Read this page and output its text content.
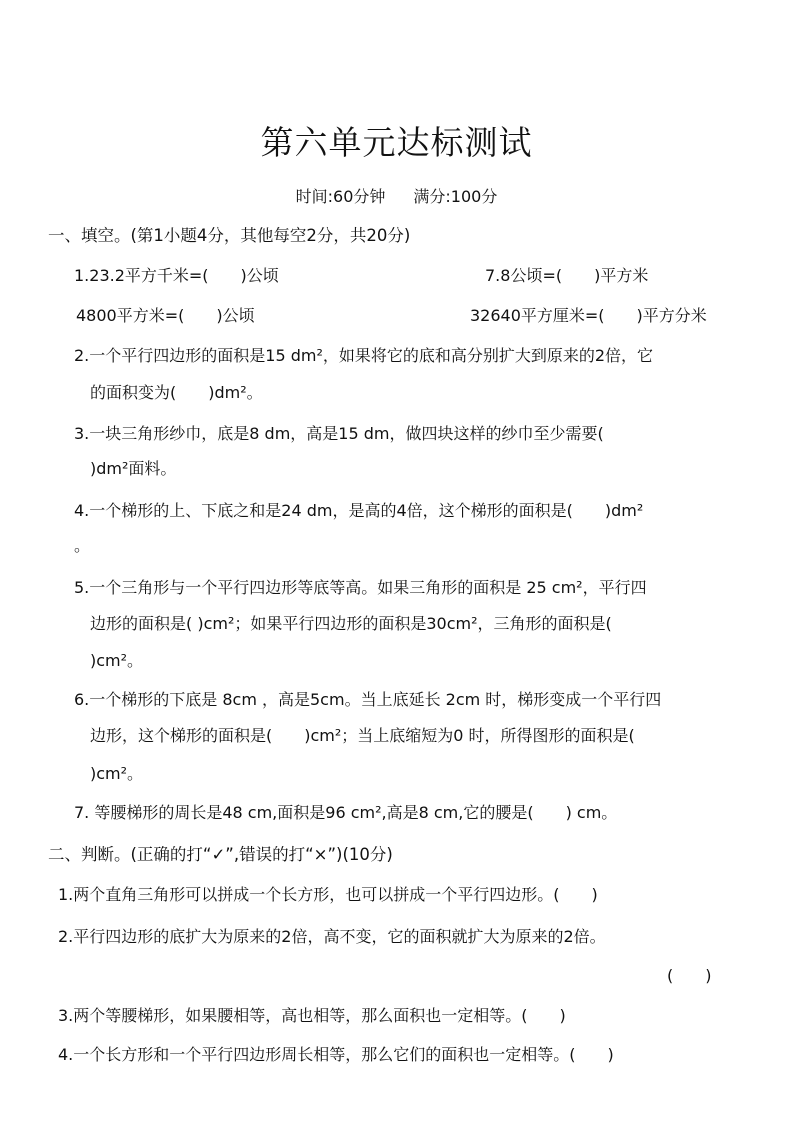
第六单元达标测试
时间:60分钟 满分:100分
一、填空。(第1小题4分，其他每空2分，共20分)
1.23.2平方千米=(　　)公顷	7.8公顷=(　　)平方米
4800平方米=(　　)公顷	32640平方厘米=(　　)平方分米
2.一个平行四边形的面积是15 dm²，如果将它的底和高分别扩大到原来的2倍，它
的面积变为(　　)dm²。
3.一块三角形纱巾，底是8 dm，高是15 dm，做四块这样的纱巾至少需要(
)dm²面料。
4.一个梯形的上、下底之和是24 dm，是高的4倍，这个梯形的面积是(　　)dm²
。
5.一个三角形与一个平行四边形等底等高。如果三角形的面积是 25 cm²，平行四
边形的面积是( )cm²；如果平行四边形的面积是30cm²，三角形的面积是(
)cm²。
6.一个梯形的下底是 8cm ，高是5cm。当上底延长 2cm 时，梯形变成一个平行四
边形，这个梯形的面积是(　　)cm²；当上底缩短为0 时，所得图形的面积是(
)cm²。
7. 等腰梯形的周长是48 cm,面积是96 cm²,高是8 cm,它的腰是(　　) cm。
二、判断。(正确的打“✓”,错误的打“×”)(10分)
1.两个直角三角形可以拼成一个长方形，也可以拼成一个平行四边形。(　　)
2.平行四边形的底扩大为原来的2倍，高不变，它的面积就扩大为原来的2倍。
(　　)
3.两个等腰梯形，如果腰相等，高也相等，那么面积也一定相等。(　　)
4.一个长方形和一个平行四边形周长相等，那么它们的面积也一定相等。(　　)
